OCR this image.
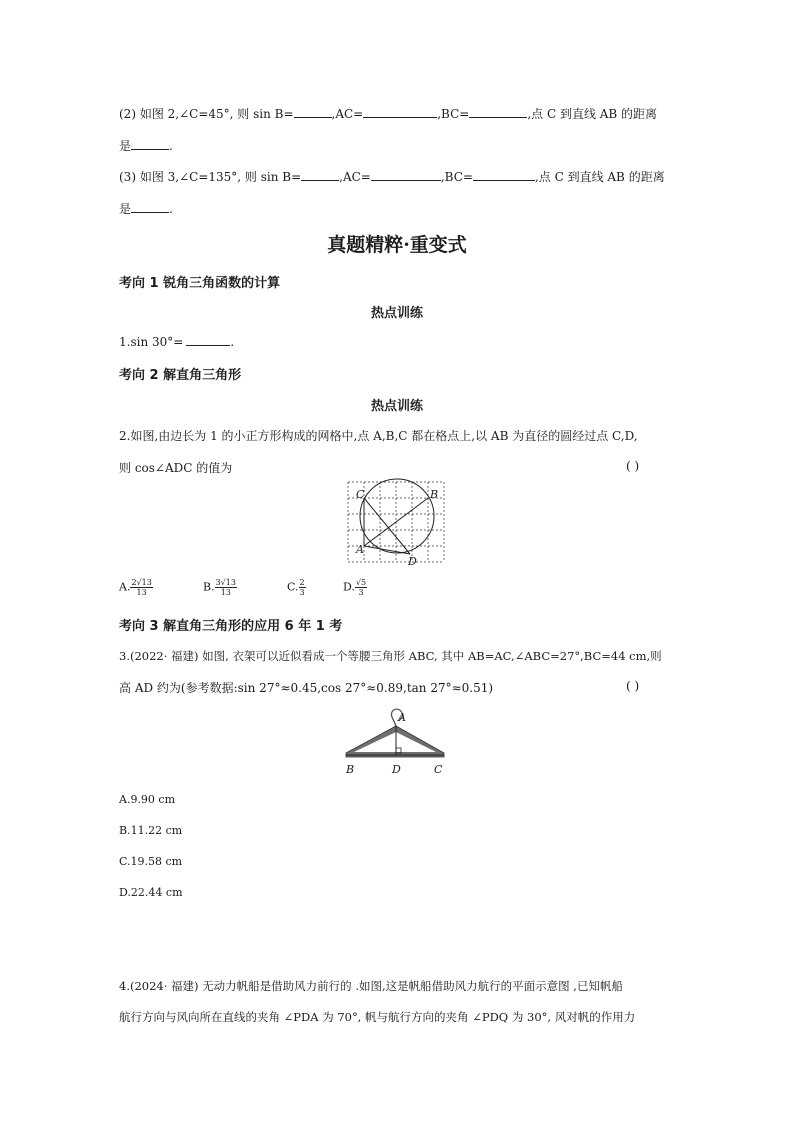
(2) 如图 2,∠C=45°, 则 sin B=	,AC=	,BC=	,点 C 到直线 AB 的距离
是	.
(3) 如图 3,∠C=135°, 则 sin B=	,AC=	,BC=	,点 C 到直线 AB 的距离
是	.
真题精粹·重变式
考向 1 锐角三角函数的计算
热点训练
1.sin 30°=	.
考向 2 解直角三角形
热点训练
2.如图,由边长为 1 的小正方形构成的网格中,点 A,B,C 都在格点上,以 AB 为直径的圆经过点 C,D,
则 cos∠ADC 的值为	( )
A
B
C
D
A. $\frac{2√13}{13}$	B. $\frac{3√13}{13}$	C. $\frac{2}{3}$	D. $\frac{√5}{3}$
考向 3 解直角三角形的应用 6 年 1 考
3.(2022· 福建) 如图, 衣架可以近似看成一个等腰三角形 ABC, 其中 AB=AC,∠ABC=27°,BC=44 cm,则
高 AD 约为(参考数据:sin 27°≈0.45,cos 27°≈0.89,tan 27°≈0.51)	( )
A
B	D	C
A.9.90 cm
B.11.22 cm
C.19.58 cm
D.22.44 cm
4.(2024· 福建) 无动力帆船是借助风力前行的 .如图,这是帆船借助风力航行的平面示意图 ,已知帆船
航行方向与风向所在直线的夹角 ∠PDA 为 70°, 帆与航行方向的夹角 ∠PDQ 为 30°, 风对帆的作用力
